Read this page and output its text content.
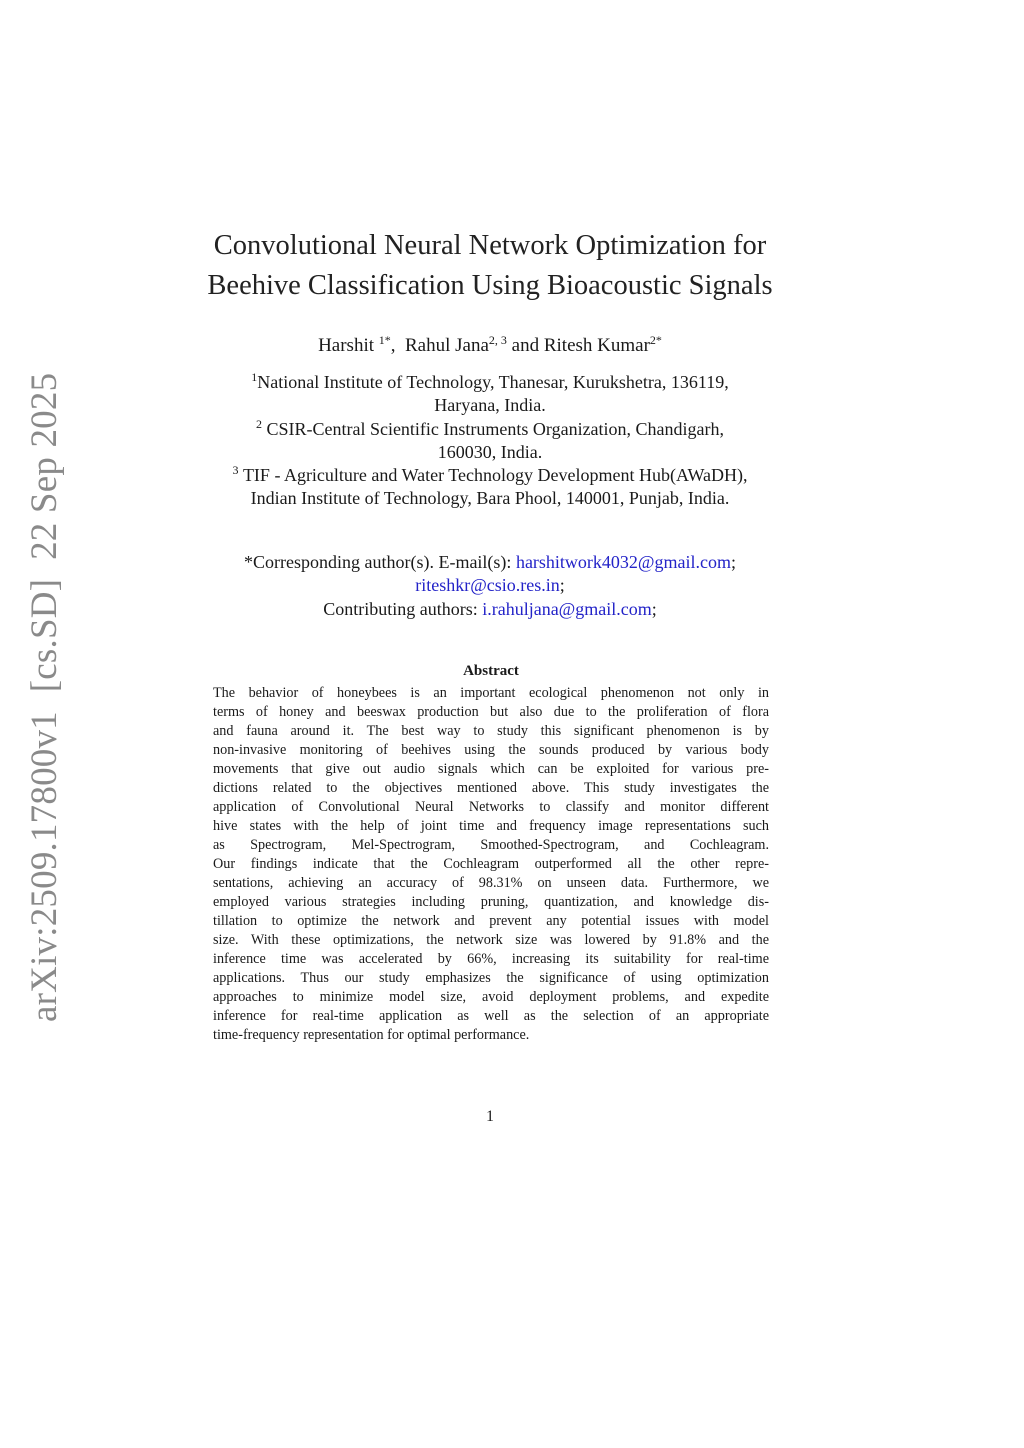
arXiv:2509.17800v1  [cs.SD]  22 Sep 2025
Convolutional Neural Network Optimization for
Beehive Classification Using Bioacoustic Signals
Harshit $^{1*}$,  Rahul Jana$^{2, 3}$ and Ritesh Kumar$^{2*}$
$^1$National Institute of Technology, Thanesar, Kurukshetra, 136119,
Haryana, India.
$^2$ CSIR-Central Scientific Instruments Organization, Chandigarh,
160030, India.
$^3$ TIF - Agriculture and Water Technology Development Hub(AWaDH),
Indian Institute of Technology, Bara Phool, 140001, Punjab, India.
*Corresponding author(s). E-mail(s): harshitwork4032@gmail.com;
riteshkr@csio.res.in;
Contributing authors: i.rahuljana@gmail.com;
Abstract
The behavior of honeybees is an important ecological phenomenon not only in
terms of honey and beeswax production but also due to the proliferation of flora
and fauna around it. The best way to study this significant phenomenon is by
non-invasive monitoring of beehives using the sounds produced by various body
movements that give out audio signals which can be exploited for various pre-
dictions related to the objectives mentioned above. This study investigates the
application of Convolutional Neural Networks to classify and monitor different
hive states with the help of joint time and frequency image representations such
as Spectrogram, Mel-Spectrogram, Smoothed-Spectrogram, and Cochleagram.
Our findings indicate that the Cochleagram outperformed all the other repre-
sentations, achieving an accuracy of 98.31% on unseen data. Furthermore, we
employed various strategies including pruning, quantization, and knowledge dis-
tillation to optimize the network and prevent any potential issues with model
size. With these optimizations, the network size was lowered by 91.8% and the
inference time was accelerated by 66%, increasing its suitability for real-time
applications. Thus our study emphasizes the significance of using optimization
approaches to minimize model size, avoid deployment problems, and expedite
inference for real-time application as well as the selection of an appropriate
time-frequency representation for optimal performance.
1
